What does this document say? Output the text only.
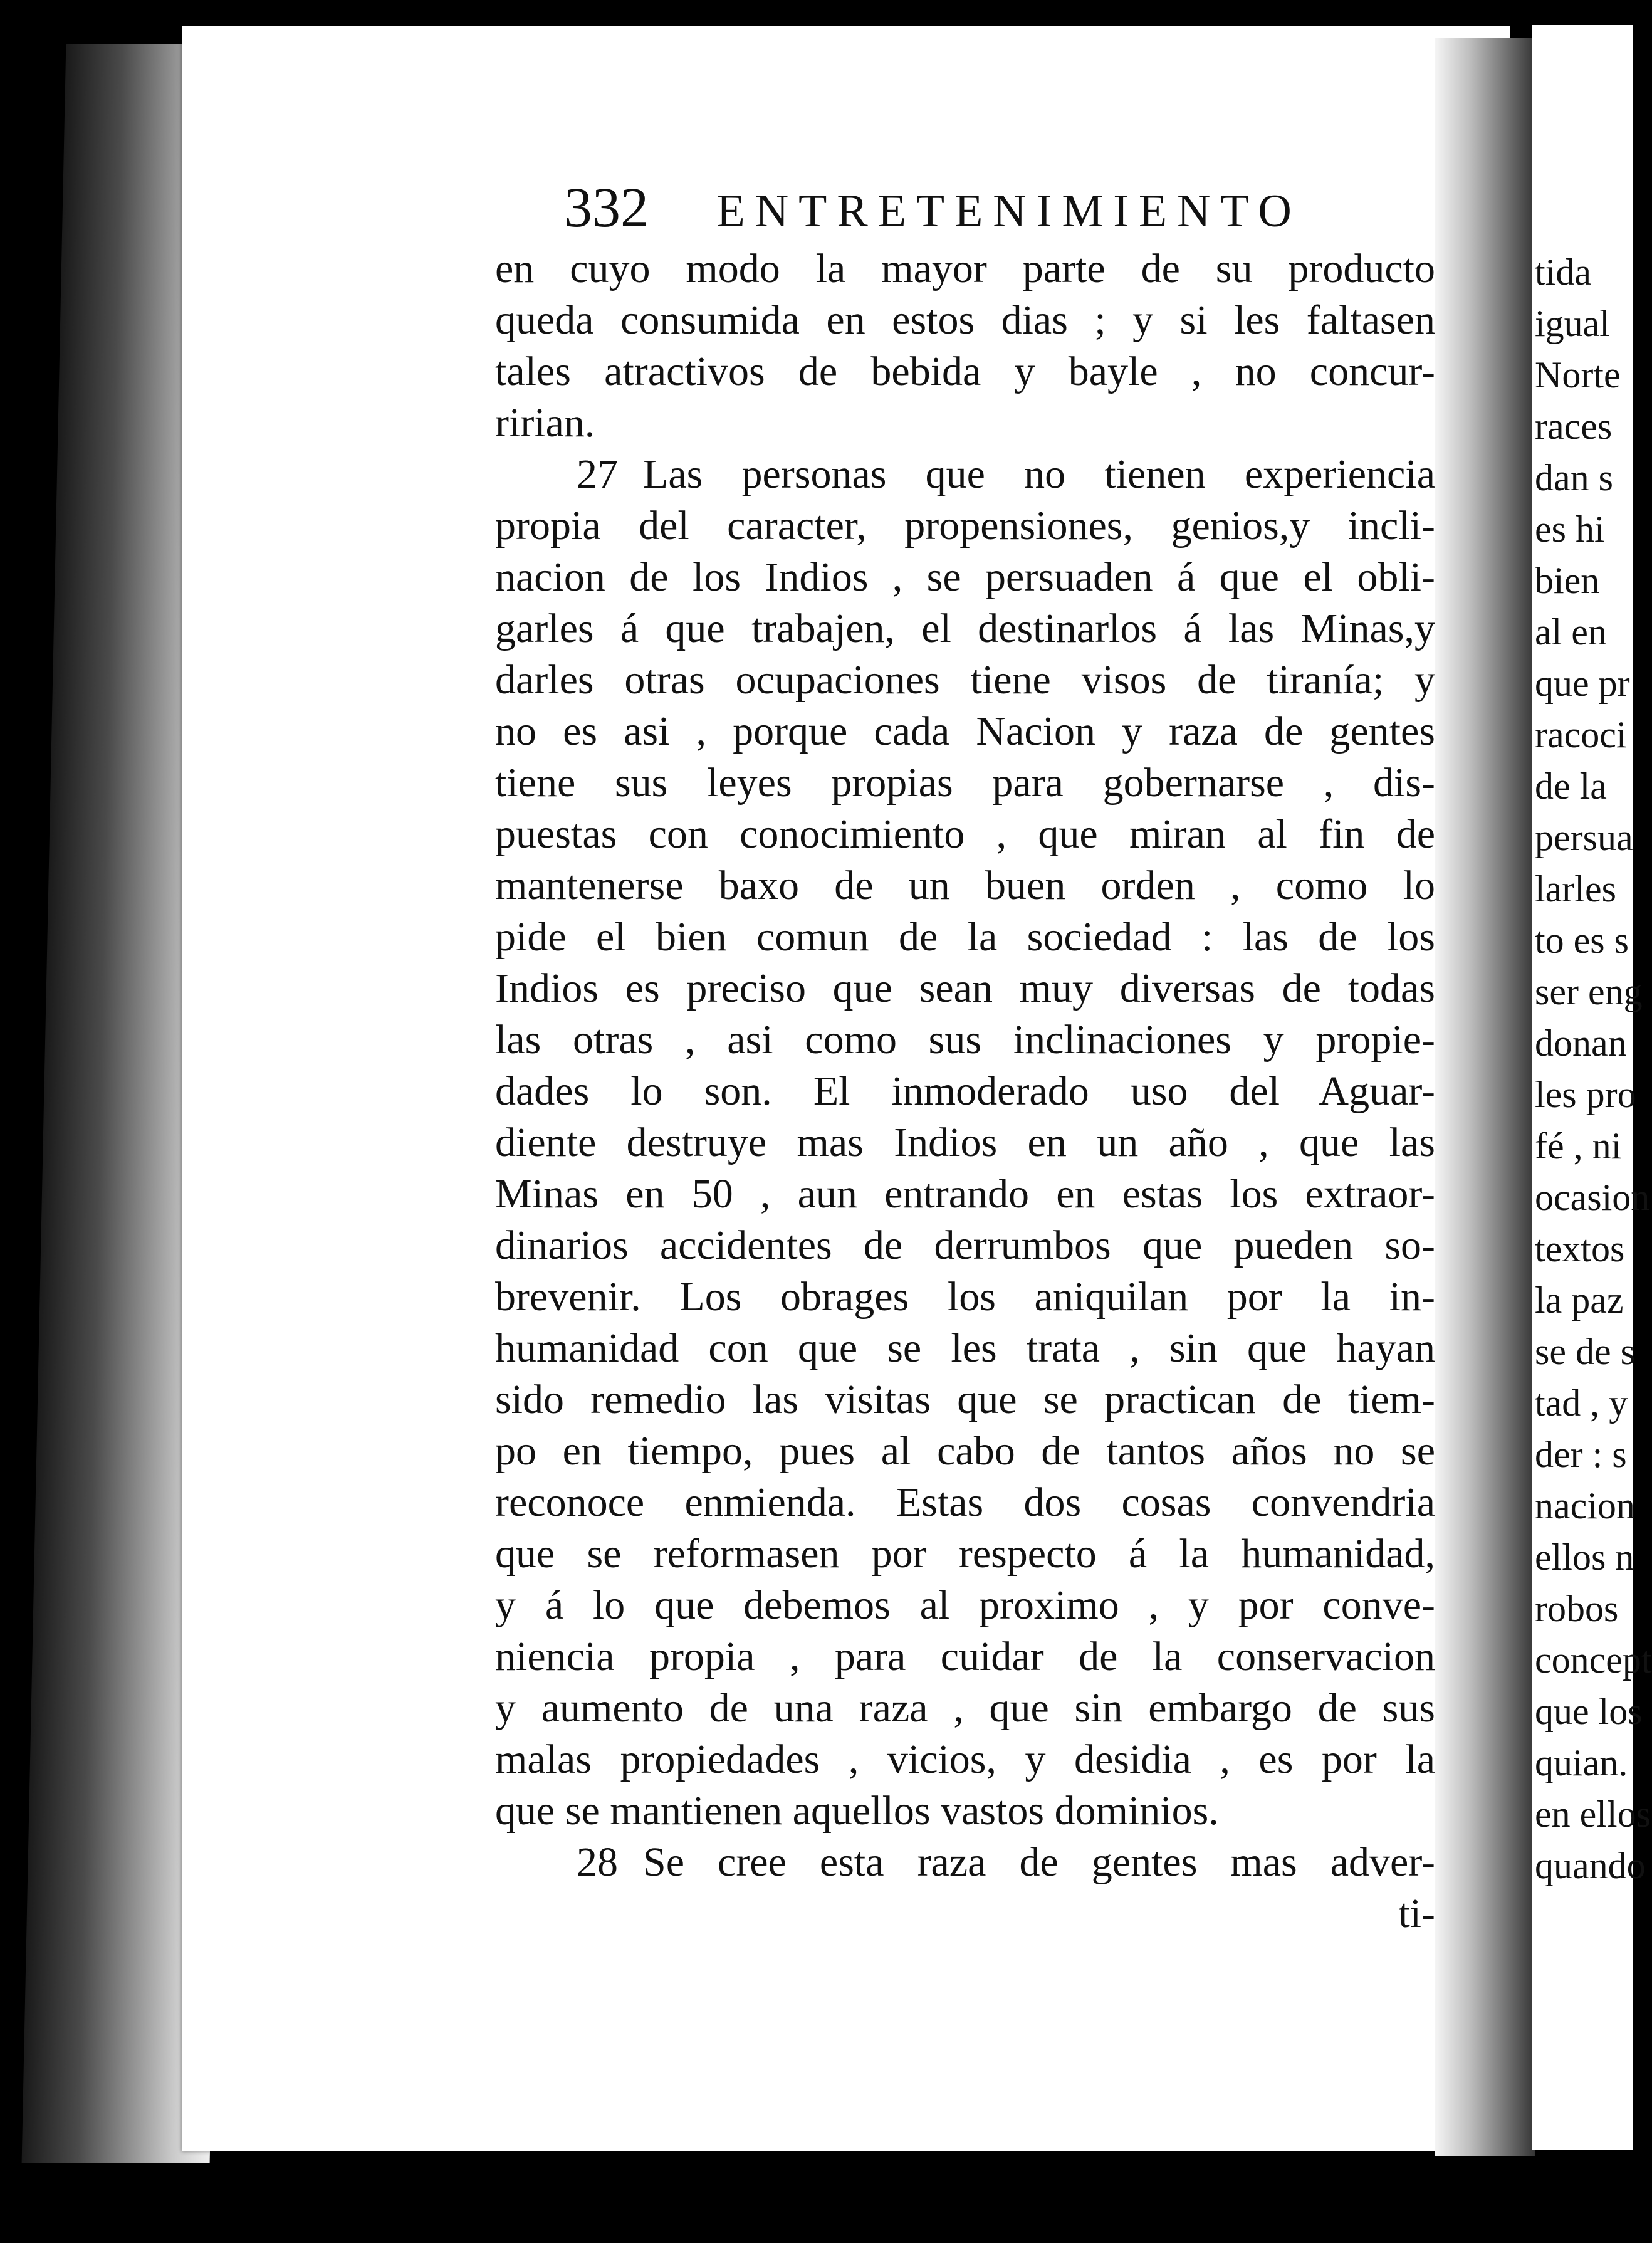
tida
igual
Norte
races
dan s
es hi
bien
al en
que pr
racoci
de la
persua
larles
to es s
ser eng
donan
les pro
fé , ni
ocasion
textos
la paz
se de s
tad , y
der : s
nacion
ellos n
robos
concept
que los
quian.
en ellos
quando
332 ENTRETENIMIENTO
en cuyo modo la mayor parte de su producto
queda consumida en estos dias ; y si les faltasen
tales atractivos de bebida y bayle , no concur-
ririan.
27 Las personas que no tienen experiencia
propia del caracter, propensiones, genios,y incli-
nacion de los Indios , se persuaden á que el obli-
garles á que trabajen, el destinarlos á las Minas,y
darles otras ocupaciones tiene visos de tiranía; y
no es asi , porque cada Nacion y raza de gentes
tiene sus leyes propias para gobernarse , dis-
puestas con conocimiento , que miran al fin de
mantenerse baxo de un buen orden , como lo
pide el bien comun de la sociedad : las de los
Indios es preciso que sean muy diversas de todas
las otras , asi como sus inclinaciones y propie-
dades lo son. El inmoderado uso del Aguar-
diente destruye mas Indios en un año , que las
Minas en 50 , aun entrando en estas los extraor-
dinarios accidentes de derrumbos que pueden so-
brevenir. Los obrages los aniquilan por la in-
humanidad con que se les trata , sin que hayan
sido remedio las visitas que se practican de tiem-
po en tiempo, pues al cabo de tantos años no se
reconoce enmienda. Estas dos cosas convendria
que se reformasen por respecto á la humanidad,
y á lo que debemos al proximo , y por conve-
niencia propia , para cuidar de la conservacion
y aumento de una raza , que sin embargo de sus
malas propiedades , vicios, y desidia , es por la
que se mantienen aquellos vastos dominios.
28 Se cree esta raza de gentes mas adver-
ti-
